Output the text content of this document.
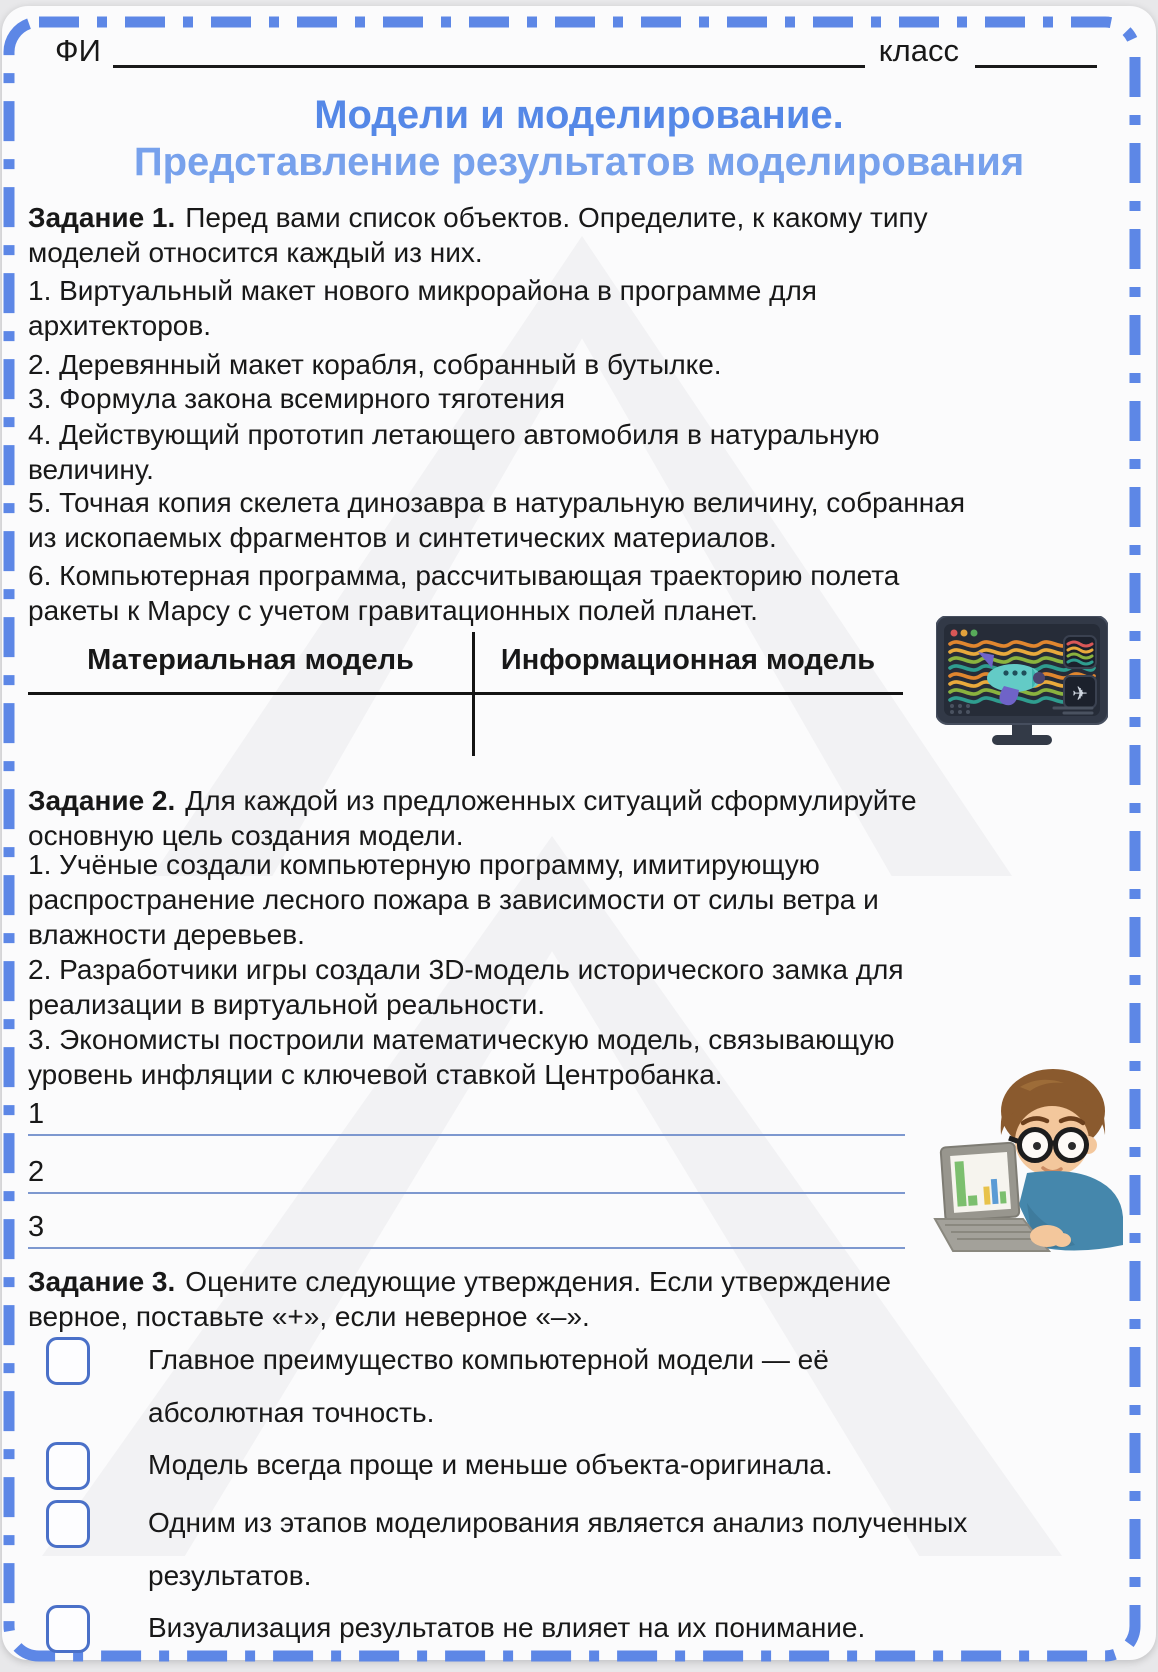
ФИ	класс
Модели и моделирование.
Представление результатов моделирования
Задание 1. Перед вами список объектов. Определите, к какому типу
моделей относится каждый из них.
1. Виртуальный макет нового микрорайона в программе для
архитекторов.
2. Деревянный макет корабля, собранный в бутылке.
3. Формула закона всемирного тяготения
4. Действующий прототип летающего автомобиля в натуральную
величину.
5. Точная копия скелета динозавра в натуральную величину, собранная
из ископаемых фрагментов и синтетических материалов.
6. Компьютерная программа, рассчитывающая траекторию полета
ракеты к Марсу с учетом гравитационных полей планет.
Материальная модель	Информационная модель
✈
Задание 2. Для каждой из предложенных ситуаций сформулируйте
основную цель создания модели.
1. Учёные создали компьютерную программу, имитирующую
распространение лесного пожара в зависимости от силы ветра и
влажности деревьев.
2. Разработчики игры создали 3D-модель исторического замка для
реализации в виртуальной реальности.
3. Экономисты построили математическую модель, связывающую
уровень инфляции с ключевой ставкой Центробанка.
1
2
3
Задание 3. Оцените следующие утверждения. Если утверждение
верное, поставьте «+», если неверное «–».
Главное преимущество компьютерной модели — её
абсолютная точность.
Модель всегда проще и меньше объекта-оригинала.
Одним из этапов моделирования является анализ полученных
результатов.
Визуализация результатов не влияет на их понимание.
